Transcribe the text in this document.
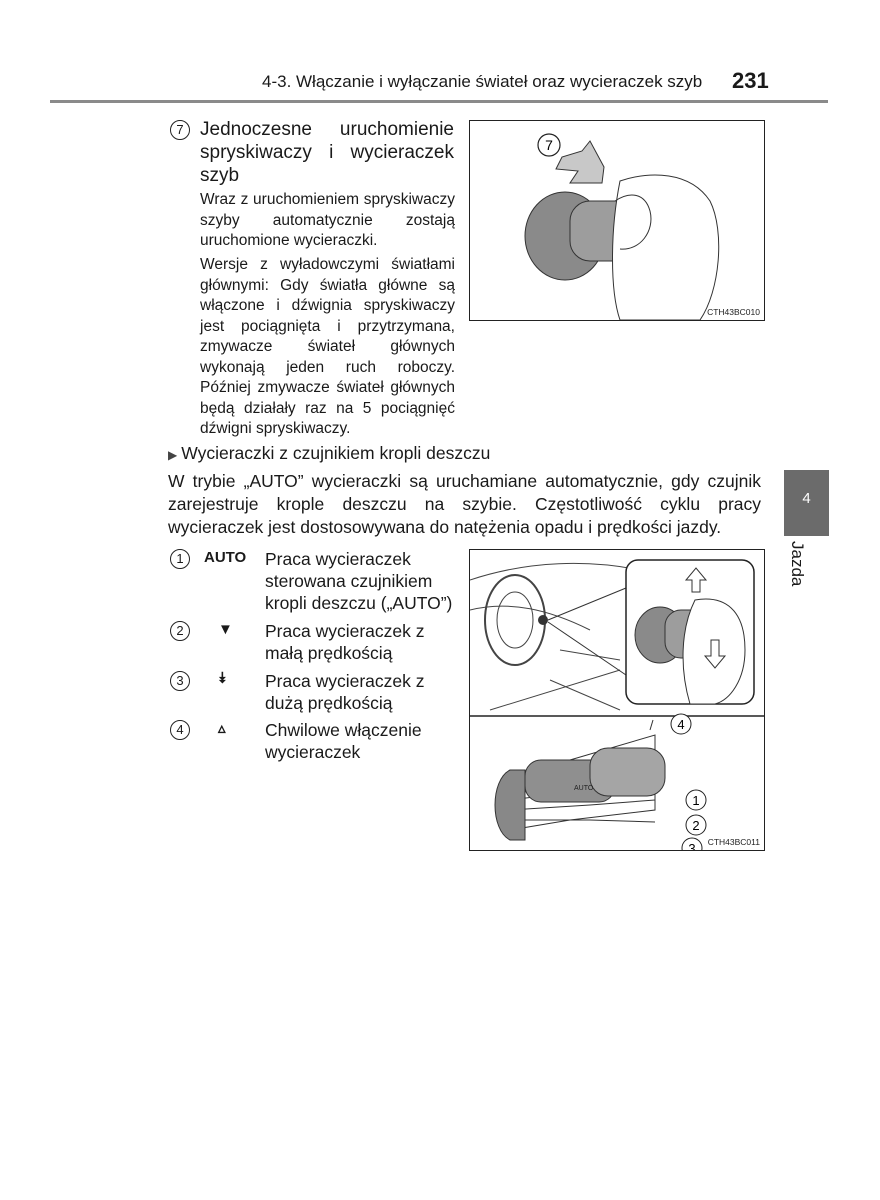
4-3. Włączanie i wyłączanie świateł oraz wycieraczek szyb 231
7 Jednoczesne uruchomienie spryskiwaczy i wycieraczek szyb
Wraz z uruchomieniem spryskiwaczy szyby automatycznie zostają uruchomione wycieraczki.
Wersje z wyładowczymi światłami głównymi: Gdy światła główne są włączone i dźwignia spryskiwaczy jest pociągnięta i przytrzymana, zmywacze świateł głównych wykonają jeden ruch roboczy. Później zmywacze świateł głównych będą działały raz na 5 pociągnięć dźwigni spryskiwaczy.
7
CTH43BC010
▶ Wycieraczki z czujnikiem kropli deszczu
W trybie „AUTO” wycieraczki są uruchamiane automatycznie, gdy czujnik zarejestruje krople deszczu na szybie. Częstotliwość cyklu pracy wycieraczek jest dostosowywana do natężenia opadu i prędkości jazdy.
1	AUTO Praca wycieraczek sterowana czujnikiem kropli deszczu („AUTO”)
2	▼ Praca wycieraczek z małą prędkością
3	⯯ Praca wycieraczek z dużą prędkością
4	▵ Chwilowe włączenie wycieraczek
AUTO
4
1
2
3 CTH43BC011
4
Jazda
